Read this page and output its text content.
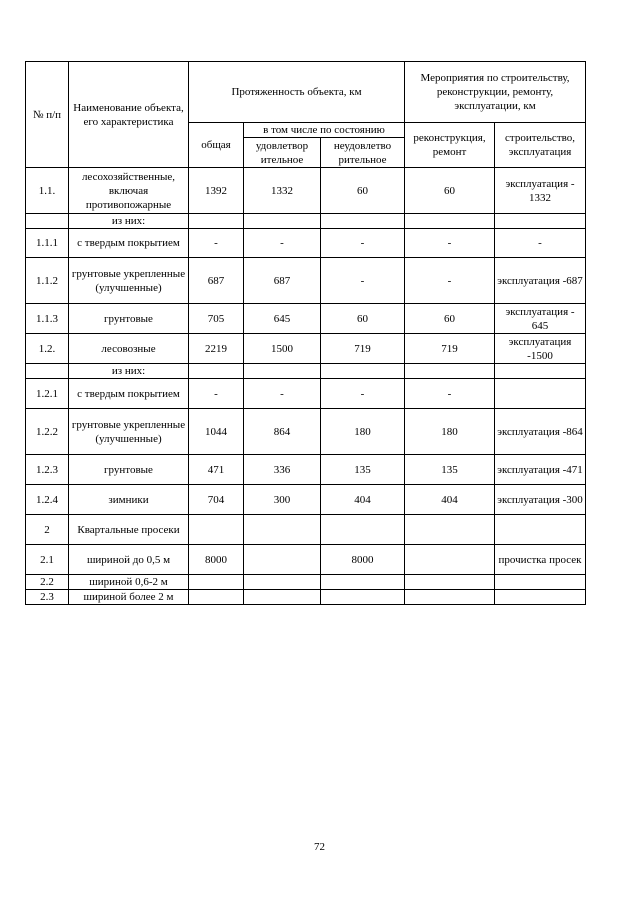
№ п/п	Наименование объекта, его характеристика	Протяженность объекта, км			Мероприятия по строительству, реконструкции, ремонту, эксплуатации, км	
		общая	в том числе по состоянию		реконструкция, ремонт	строительство, эксплуатация
			удовлетвор ительное	неудовлетво рительное		
1.1.	лесохозяйственные, включая противопожарные	1392	1332	60	60	эксплуатация - 1332
	из них:					
1.1.1	с твердым покрытием	-	-	-	-	-
1.1.2	грунтовые укрепленные (улучшенные)	687	687	-	-	эксплуатация -687
1.1.3	грунтовые	705	645	60	60	эксплуатация - 645
1.2.	лесовозные	2219	1500	719	719	эксплуатация -1500
	из них:					
1.2.1	с твердым покрытием	-	-	-	-	
1.2.2	грунтовые укрепленные (улучшенные)	1044	864	180	180	эксплуатация -864
1.2.3	грунтовые	471	336	135	135	эксплуатация -471
1.2.4	зимники	704	300	404	404	эксплуатация -300
2	Квартальные просеки					
2.1	шириной до 0,5 м	8000		8000		прочистка просек
2.2	шириной 0,6-2 м					
2.3	шириной более 2 м					
72
